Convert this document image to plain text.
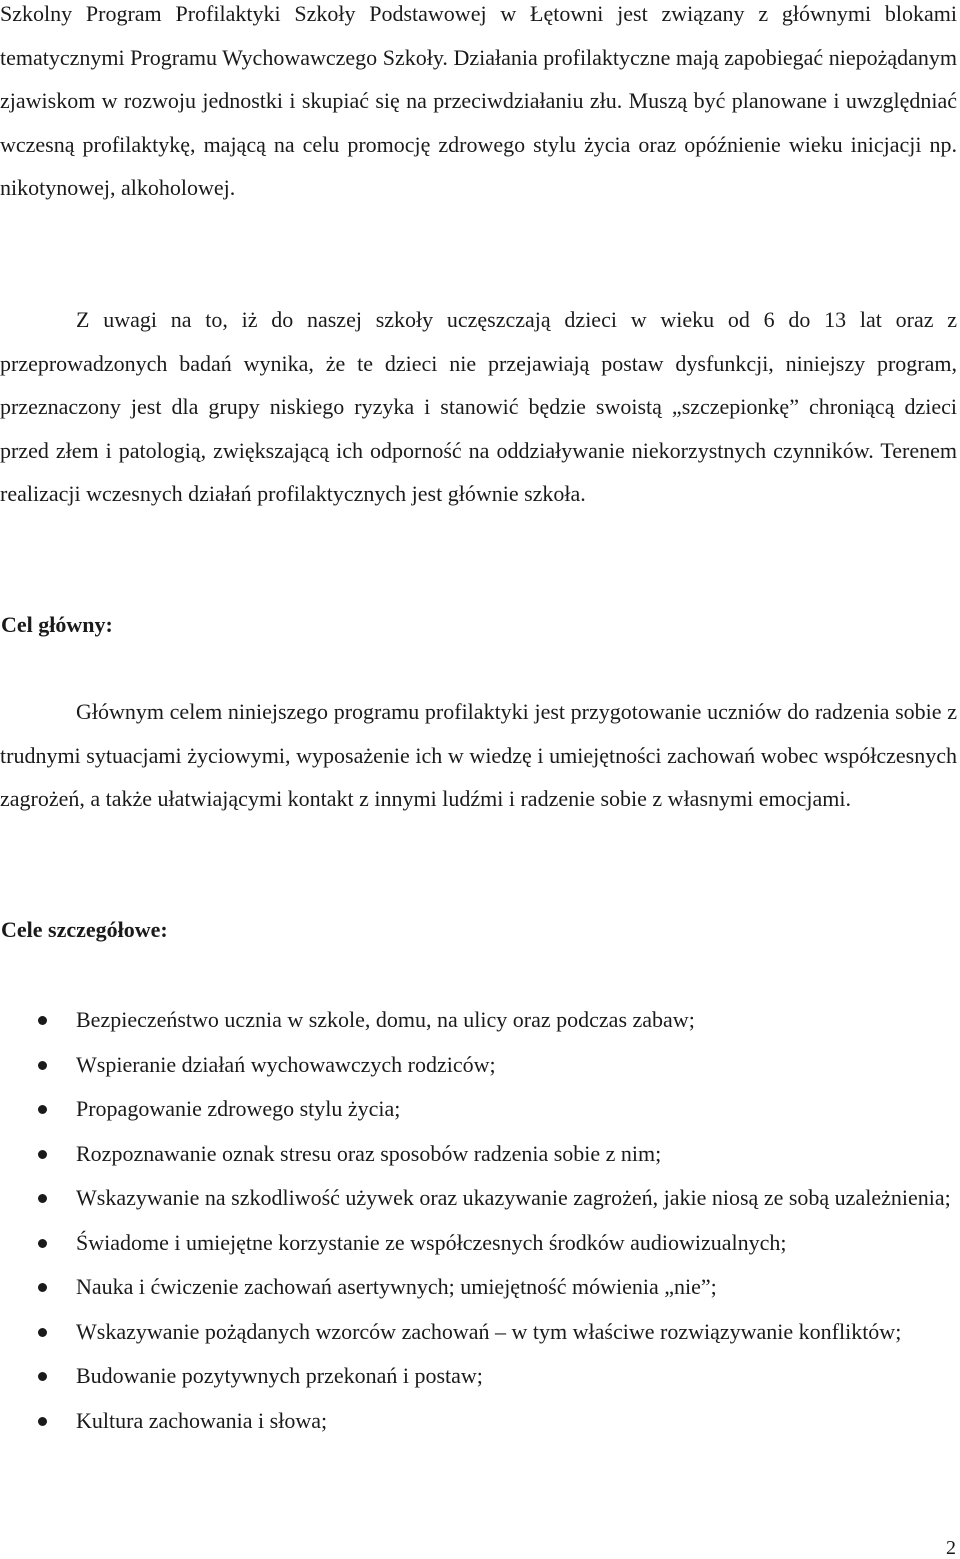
Szkolny Program Profilaktyki Szkoły Podstawowej w Łętowni jest związany z głównymi blokami tematycznymi Programu Wychowawczego Szkoły. Działania profilaktyczne mają zapobiegać niepożądanym zjawiskom w rozwoju jednostki i skupiać się na przeciwdziałaniu złu. Muszą być planowane i uwzględniać wczesną profilaktykę, mającą na celu promocję zdrowego stylu życia oraz opóźnienie wieku inicjacji np. nikotynowej, alkoholowej.

Z uwagi na to, iż do naszej szkoły uczęszczają dzieci w wieku od 6 do 13 lat oraz z przeprowadzonych badań wynika, że te dzieci nie przejawiają postaw dysfunkcji, niniejszy program, przeznaczony jest dla grupy niskiego ryzyka i stanowić będzie swoistą „szczepionkę” chroniącą dzieci przed złem i patologią, zwiększającą ich odporność na oddziaływanie niekorzystnych czynników. Terenem realizacji wczesnych działań profilaktycznych jest głównie szkoła.

Cel główny:

Głównym celem niniejszego programu profilaktyki jest przygotowanie uczniów do radzenia sobie z trudnymi sytuacjami życiowymi, wyposażenie ich w wiedzę i umiejętności zachowań wobec współczesnych zagrożeń, a także ułatwiającymi kontakt z innymi ludźmi i radzenie sobie z własnymi emocjami.

Cele szczegółowe:
Bezpieczeństwo ucznia w szkole, domu, na ulicy oraz podczas zabaw;
Wspieranie działań wychowawczych rodziców;
Propagowanie zdrowego stylu życia;
Rozpoznawanie oznak stresu oraz sposobów radzenia sobie z nim;
Wskazywanie na szkodliwość używek oraz ukazywanie zagrożeń, jakie niosą ze sobą uzależnienia;
Świadome i umiejętne korzystanie ze współczesnych środków audiowizualnych;
Nauka i ćwiczenie zachowań asertywnych; umiejętność mówienia „nie”;
Wskazywanie pożądanych wzorców zachowań – w tym właściwe rozwiązywanie konfliktów;
Budowanie pozytywnych przekonań i postaw;
Kultura zachowania i słowa;
2
